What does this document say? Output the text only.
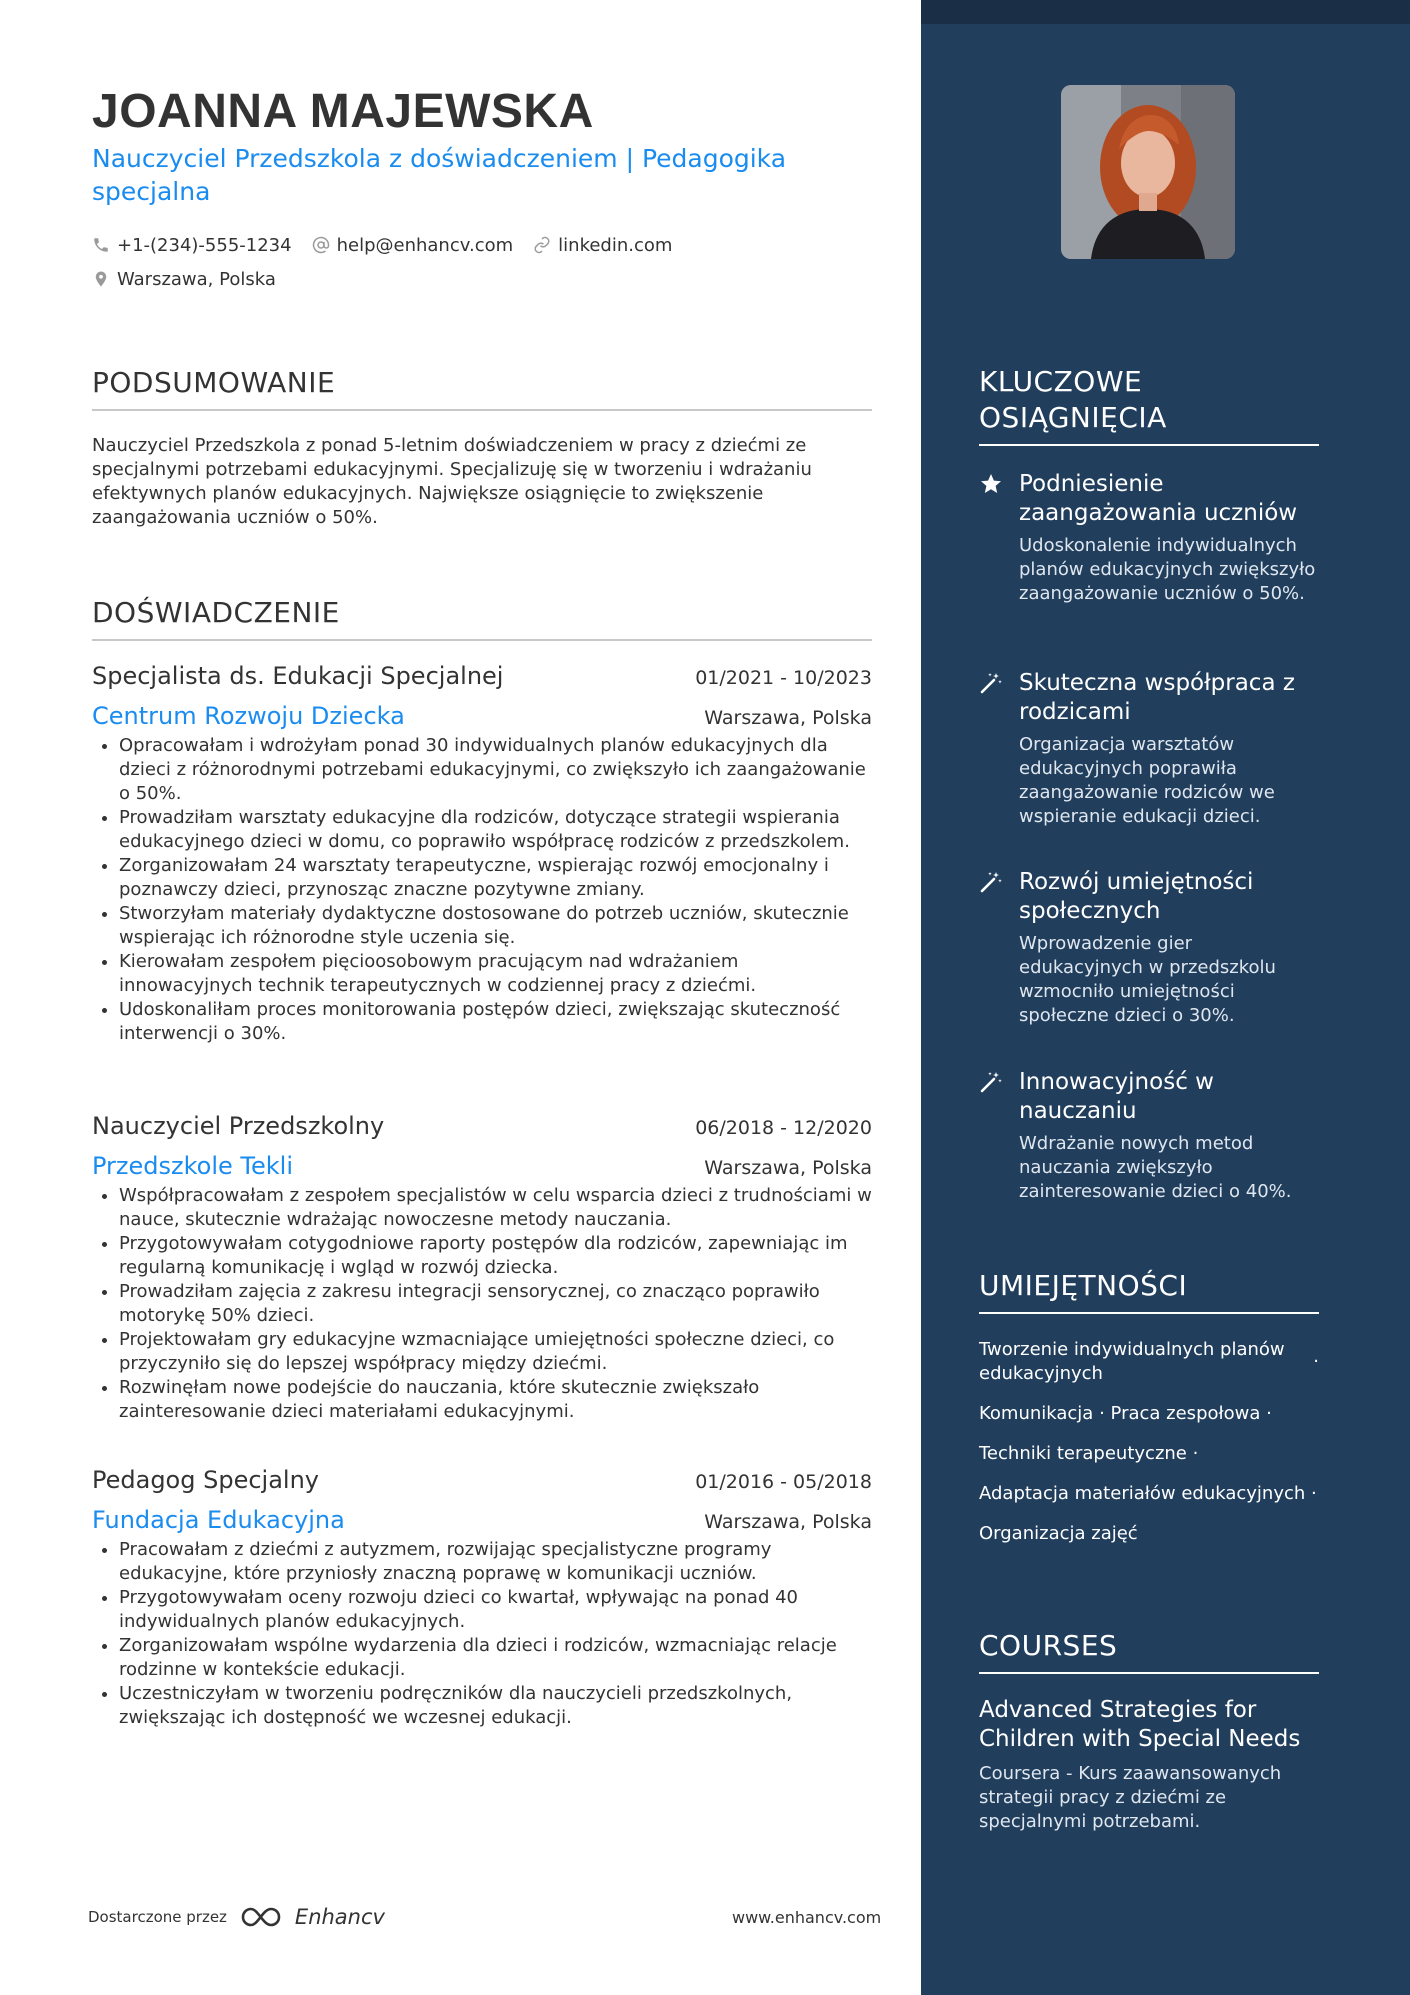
JOANNA MAJEWSKA
Nauczyciel Przedszkola z doświadczeniem | Pedagogika specjalna
+1-(234)-555-1234	help@enhancv.com	linkedin.com
Warszawa, Polska
PODSUMOWANIE
Nauczyciel Przedszkola z ponad 5-letnim doświadczeniem w pracy z dziećmi ze specjalnymi potrzebami edukacyjnymi. Specjalizuję się w tworzeniu i wdrażaniu efektywnych planów edukacyjnych. Największe osiągnięcie to zwiększenie zaangażowania uczniów o 50%.
DOŚWIADCZENIE
Specjalista ds. Edukacji Specjalnej	01/2021 - 10/2023
Centrum Rozwoju Dziecka	Warszawa, Polska
• Opracowałam i wdrożyłam ponad 30 indywidualnych planów edukacyjnych dla dzieci z różnorodnymi potrzebami edukacyjnymi, co zwiększyło ich zaangażowanie o 50%.
• Prowadziłam warsztaty edukacyjne dla rodziców, dotyczące strategii wspierania edukacyjnego dzieci w domu, co poprawiło współpracę rodziców z przedszkolem.
• Zorganizowałam 24 warsztaty terapeutyczne, wspierając rozwój emocjonalny i poznawczy dzieci, przynosząc znaczne pozytywne zmiany.
• Stworzyłam materiały dydaktyczne dostosowane do potrzeb uczniów, skutecznie wspierając ich różnorodne style uczenia się.
• Kierowałam zespołem pięcioosobowym pracującym nad wdrażaniem innowacyjnych technik terapeutycznych w codziennej pracy z dziećmi.
• Udoskonaliłam proces monitorowania postępów dzieci, zwiększając skuteczność interwencji o 30%.
Nauczyciel Przedszkolny	06/2018 - 12/2020
Przedszkole Tekli	Warszawa, Polska
• Współpracowałam z zespołem specjalistów w celu wsparcia dzieci z trudnościami w nauce, skutecznie wdrażając nowoczesne metody nauczania.
• Przygotowywałam cotygodniowe raporty postępów dla rodziców, zapewniając im regularną komunikację i wgląd w rozwój dziecka.
• Prowadziłam zajęcia z zakresu integracji sensorycznej, co znacząco poprawiło motorykę 50% dzieci.
• Projektowałam gry edukacyjne wzmacniające umiejętności społeczne dzieci, co przyczyniło się do lepszej współpracy między dziećmi.
• Rozwinęłam nowe podejście do nauczania, które skutecznie zwiększało zainteresowanie dzieci materiałami edukacyjnymi.
Pedagog Specjalny	01/2016 - 05/2018
Fundacja Edukacyjna	Warszawa, Polska
• Pracowałam z dziećmi z autyzmem, rozwijając specjalistyczne programy edukacyjne, które przyniosły znaczną poprawę w komunikacji uczniów.
• Przygotowywałam oceny rozwoju dzieci co kwartał, wpływając na ponad 40 indywidualnych planów edukacyjnych.
• Zorganizowałam wspólne wydarzenia dla dzieci i rodziców, wzmacniając relacje rodzinne w kontekście edukacji.
• Uczestniczyłam w tworzeniu podręczników dla nauczycieli przedszkolnych, zwiększając ich dostępność we wczesnej edukacji.
Dostarczone przez	Enhancv	www.enhancv.com
KLUCZOWE OSIĄGNIĘCIA
Podniesienie zaangażowania uczniów
Udoskonalenie indywidualnych planów edukacyjnych zwiększyło zaangażowanie uczniów o 50%.
Skuteczna współpraca z rodzicami
Organizacja warsztatów edukacyjnych poprawiła zaangażowanie rodziców we wspieranie edukacji dzieci.
Rozwój umiejętności społecznych
Wprowadzenie gier edukacyjnych w przedszkolu wzmocniło umiejętności społeczne dzieci o 30%.
Innowacyjność w nauczaniu
Wdrażanie nowych metod nauczania zwiększyło zainteresowanie dzieci o 40%.
UMIEJĘTNOŚCI
Tworzenie indywidualnych planów edukacyjnych
·
Komunikacja · Praca zespołowa ·
Techniki terapeutyczne ·
Adaptacja materiałów edukacyjnych ·
Organizacja zajęć
COURSES
Advanced Strategies for Children with Special Needs
Coursera - Kurs zaawansowanych strategii pracy z dziećmi ze specjalnymi potrzebami.
